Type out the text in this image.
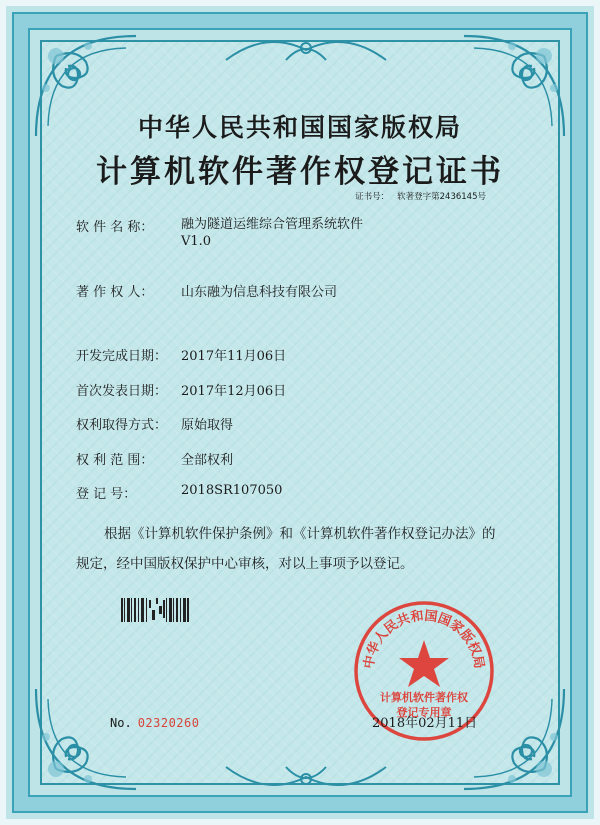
中华人民共和国国家版权局
计算机软件著作权登记证书
证书号： 软著登字第2436145号
软 件 名 称：	融为隧道运维综合管理系统软件
V1.0
著 作 权 人：	山东融为信息科技有限公司
开发完成日期：	2017年11月06日
首次发表日期：	2017年12月06日
权利取得方式：	原始取得
权 利 范 围：	全部权利
登 记 号：	2018SR107050
根据《计算机软件保护条例》和《计算机软件著作权登记办法》的
规定，经中国版权保护中心审核，对以上事项予以登记。
No. 02320260
中华人民共和国国家版权局
计算机软件著作权
登记专用章
2018年02月11日
